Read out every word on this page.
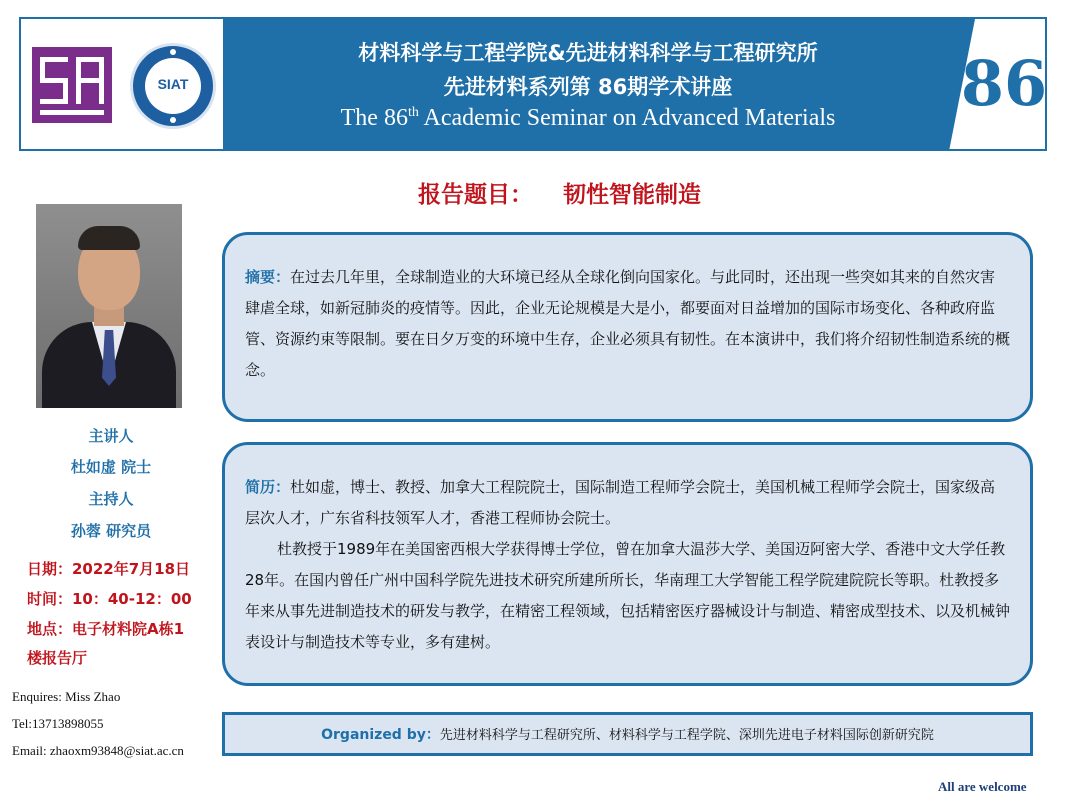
SIAT
材料科学与工程学院&先进材料科学与工程研究所
先进材料系列第 86期学术讲座
The 86th Academic Seminar on Advanced Materials	86
报告题目： 韧性智能制造
主讲人
杜如虚 院士
主持人
孙蓉 研究员
日期：2022年7月18日
时间：10：40-12：00
地点：电子材料院A栋1
楼报告厅
Enquires: Miss Zhao
Tel:13713898055
Email: zhaoxm93848@siat.ac.cn

摘要：在过去几年里，全球制造业的大环境已经从全球化倒向国家化。与此同时，还出现一些突如其来的自然灾害肆虐全球，如新冠肺炎的疫情等。因此，企业无论规模是大是小，都要面对日益增加的国际市场变化、各种政府监管、资源约束等限制。要在日夕万变的环境中生存，企业必须具有韧性。在本演讲中，我们将介绍韧性制造系统的概念。

简历：杜如虚，博士、教授、加拿大工程院院士，国际制造工程师学会院士，美国机械工程师学会院士，国家级高层次人才，广东省科技领军人才，香港工程师协会院士。

杜教授于1989年在美国密西根大学获得博士学位，曾在加拿大温莎大学、美国迈阿密大学、香港中文大学任教28年。在国内曾任广州中国科学院先进技术研究所建所所长，华南理工大学智能工程学院建院院长等职。杜教授多年来从事先进制造技术的研发与教学，在精密工程领域，包括精密医疗器械设计与制造、精密成型技术、以及机械钟表设计与制造技术等专业，多有建树。

Organized by：先进材料科学与工程研究所、材料科学与工程学院、深圳先进电子材料国际创新研究院
All are welcome
